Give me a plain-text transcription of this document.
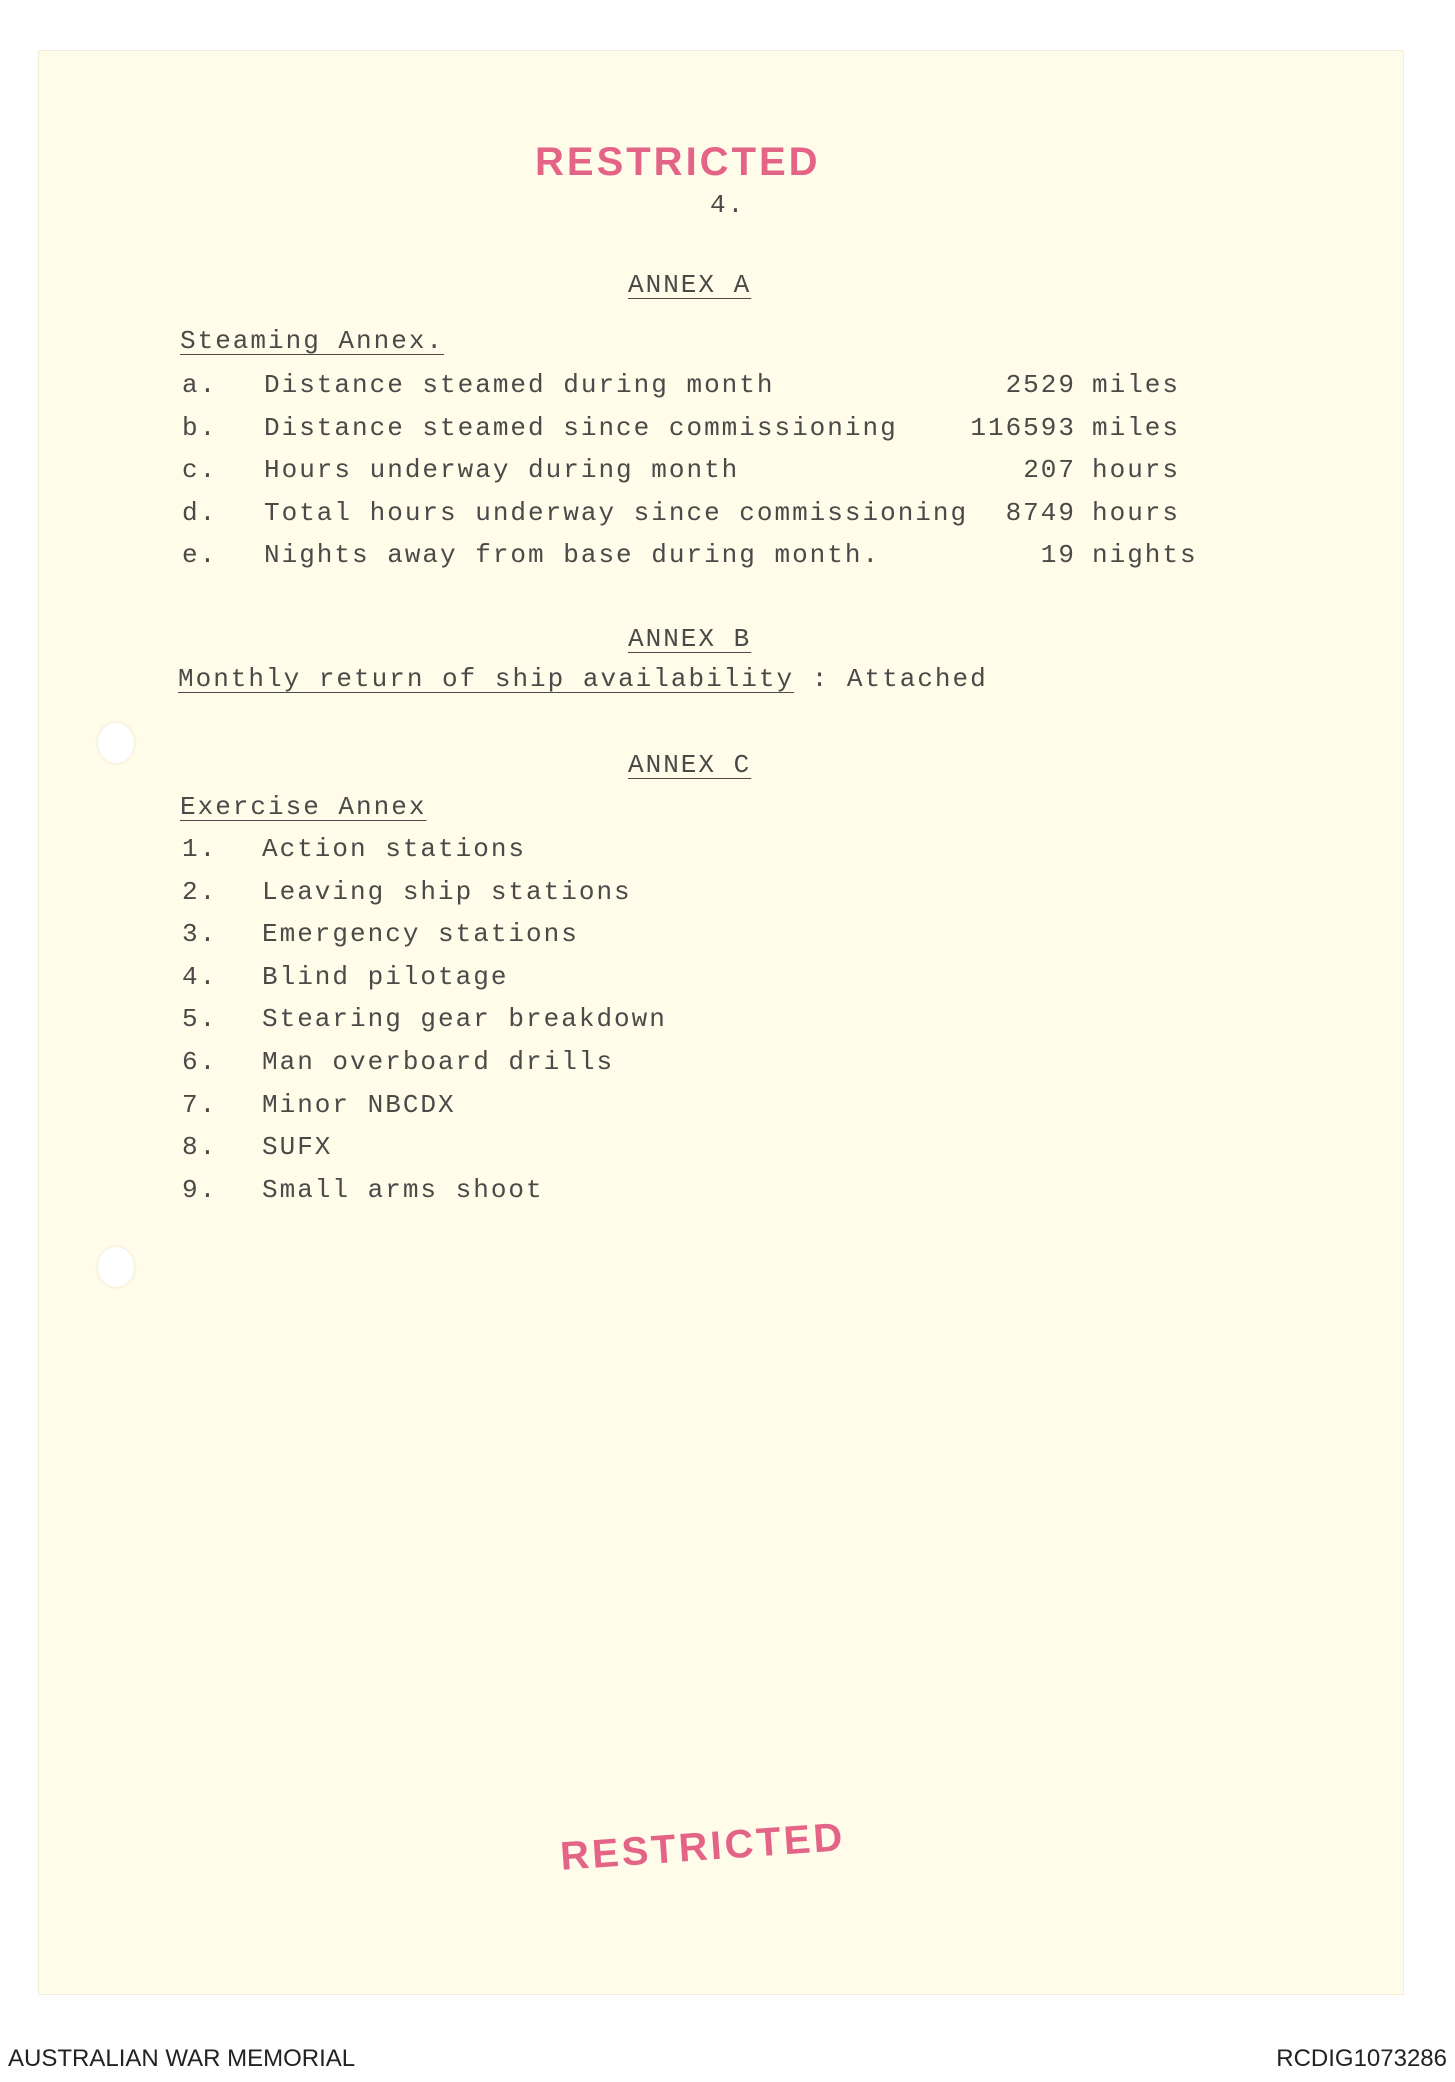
RESTRICTED
4.
ANNEX A
Steaming Annex.
a. Distance steamed during month	2529 miles
b. Distance steamed since commissioning	116593 miles
c. Hours underway during month	207 hours
d. Total hours underway since commissioning	8749 hours
e. Nights away from base during month.	19 nights
ANNEX B
Monthly return of ship availability : Attached
ANNEX C
Exercise Annex
1. Action stations
2. Leaving ship stations
3. Emergency stations
4. Blind pilotage
5. Stearing gear breakdown
6. Man overboard drills
7. Minor NBCDX
8. SUFX
9. Small arms shoot
RESTRICTED
AUSTRALIAN WAR MEMORIAL	RCDIG1073286
